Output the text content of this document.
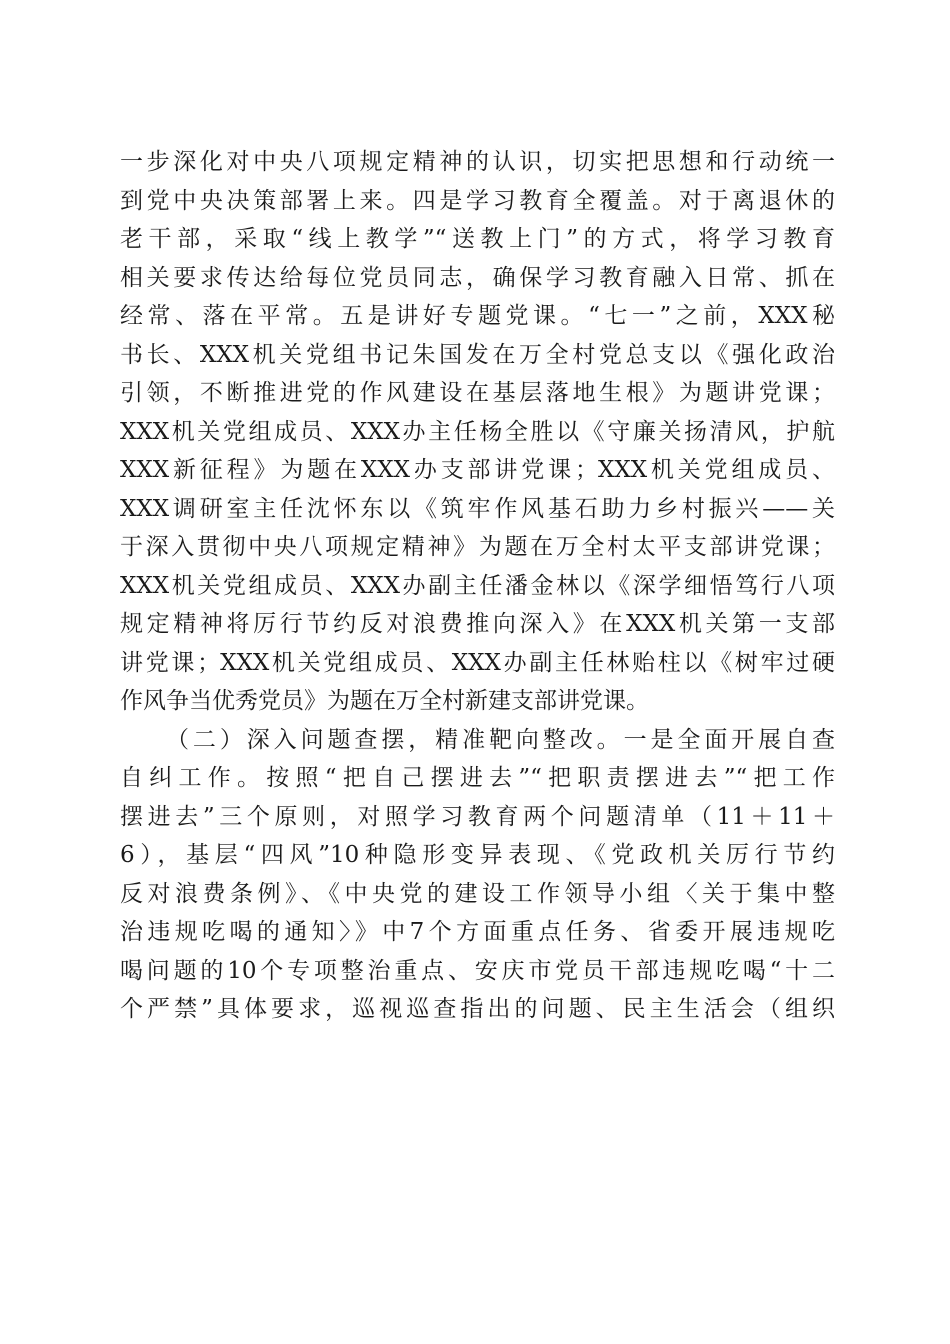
一步深化对中央八项规定精神的认识，切实把思想和行动统一
到党中央决策部署上来。四是学习教育全覆盖。对于离退休的
老干部，采取“线上教学”“送教上门”的方式，将学习教育
相关要求传达给每位党员同志，确保学习教育融入日常、抓在
经常、落在平常。五是讲好专题党课。“七一”之前，XXX秘
书长、XXX机关党组书记朱国发在万全村党总支以《强化政治
引领，不断推进党的作风建设在基层落地生根》为题讲党课；
XXX机关党组成员、XXX办主任杨全胜以《守廉关扬清风，护航
XXX新征程》为题在XXX办支部讲党课；XXX机关党组成员、
XXX调研室主任沈怀东以《筑牢作风基石助力乡村振兴——关
于深入贯彻中央八项规定精神》为题在万全村太平支部讲党课；
XXX机关党组成员、XXX办副主任潘金林以《深学细悟笃行八项
规定精神将厉行节约反对浪费推向深入》在XXX机关第一支部
讲党课；XXX机关党组成员、XXX办副主任林贻柱以《树牢过硬
作风争当优秀党员》为题在万全村新建支部讲党课。
（二）深入问题查摆，精准靶向整改。一是全面开展自查
自纠工作。按照“把自己摆进去”“把职责摆进去”“把工作
摆进去”三个原则，对照学习教育两个问题清单（11＋11＋
6），基层“四风”10种隐形变异表现、《党政机关厉行节约
反对浪费条例》、《中央党的建设工作领导小组〈关于集中整
治违规吃喝的通知〉》中7个方面重点任务、省委开展违规吃
喝问题的10个专项整治重点、安庆市党员干部违规吃喝“十二
个严禁”具体要求，巡视巡查指出的问题、民主生活会（组织
